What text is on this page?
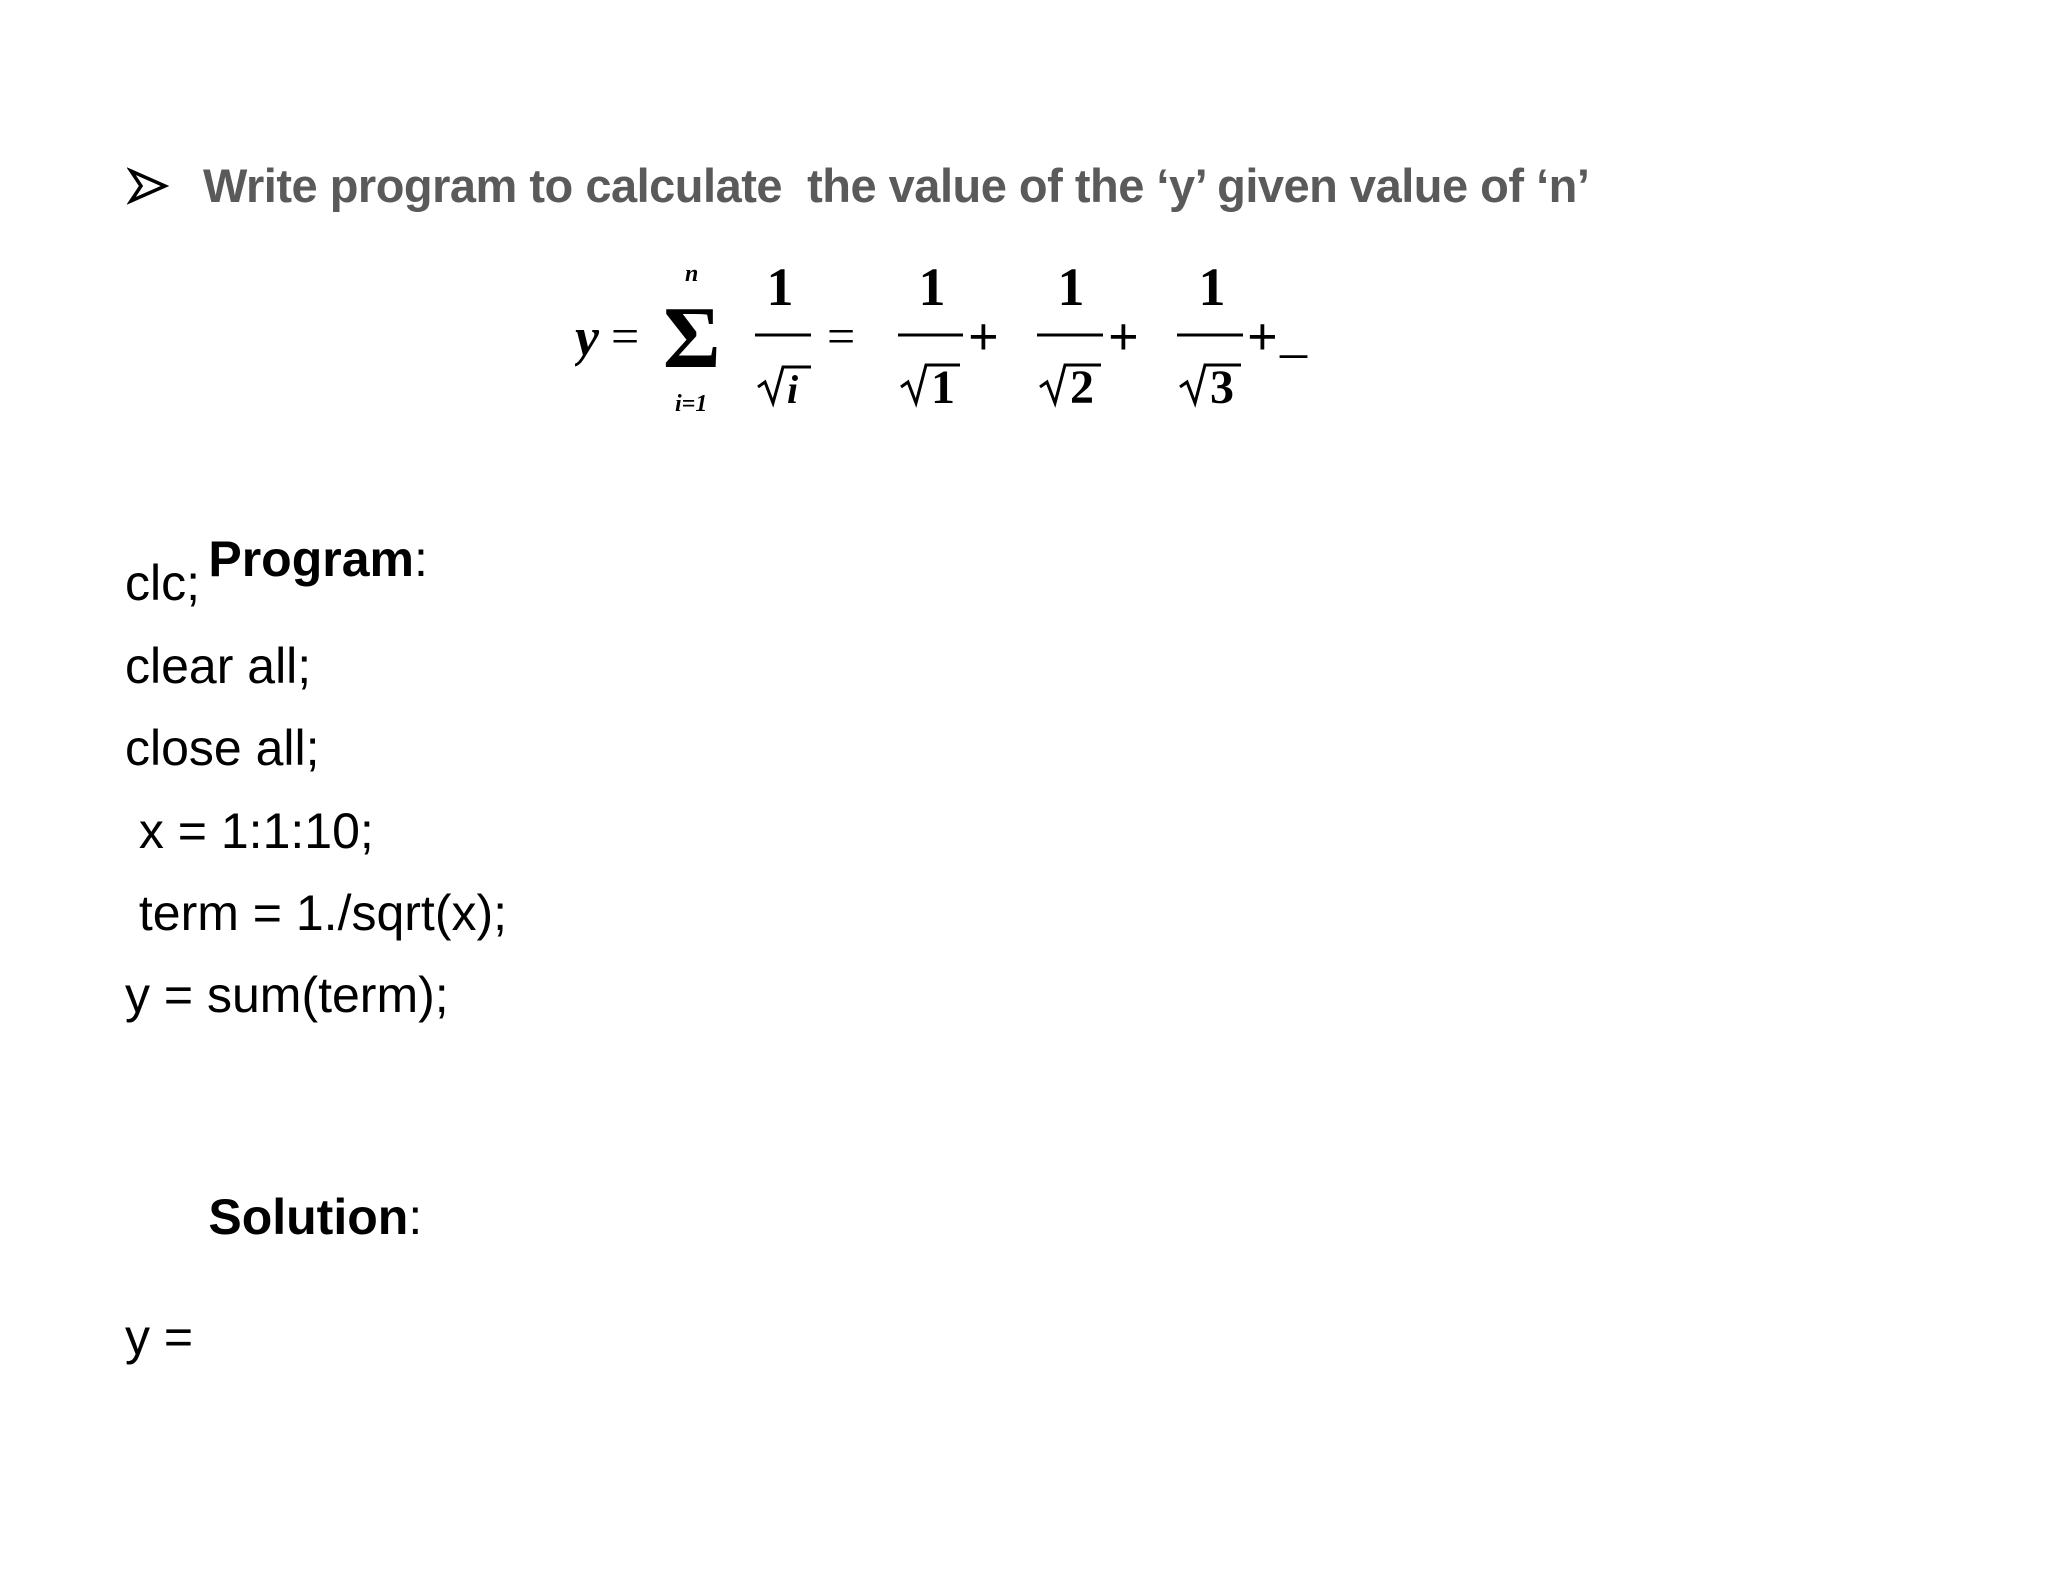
Write program to calculate  the value of the ‘y’ given value of ‘n’
y = Σ
n
i=1
1
i
=
1
1
+
1
2
+
1
3
+ _

Program:

clc;
clear all;
close all;
x = 1:1:10;
term = 1./sqrt(x);
y = sum(term);

Solution:

y =
